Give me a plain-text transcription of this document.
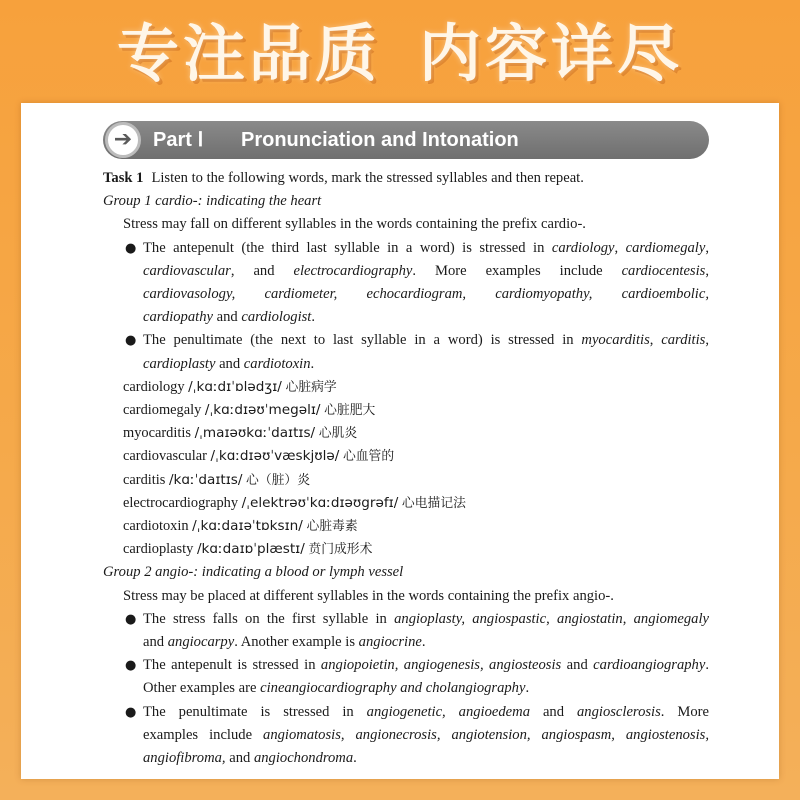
专注品质 内容详尽
➔	Part Ⅰ Pronunciation and Intonation
Task 1 Listen to the following words, mark the stressed syllables and then repeat.
Group 1 cardio-: indicating the heart
Stress may fall on different syllables in the words containing the prefix cardio-.
● The antepenult (the third last syllable in a word) is stressed in cardiology, cardiomegaly,

cardiovascular, and electrocardiography. More examples include cardiocentesis,

cardiovasology, cardiometer, echocardiogram, cardiomyopathy, cardioembolic,

cardiopathy and cardiologist.

● The penultimate (the next to last syllable in a word) is stressed in myocarditis, carditis,

cardioplasty and cardiotoxin.

cardiology /ˌkɑːdɪˈɒlədʒɪ/ 心脏病学
cardiomegaly /ˌkɑːdɪəʊˈmegəlɪ/ 心脏肥大
myocarditis /ˌmaɪəʊkɑːˈdaɪtɪs/ 心肌炎
cardiovascular /ˌkɑːdɪəʊˈvæskjʊlə/ 心血管的
carditis /kɑːˈdaɪtɪs/ 心（脏）炎
electrocardiography /ˌelektrəʊˈkɑːdɪəʊgrəfɪ/ 心电描记法
cardiotoxin /ˌkɑːdaɪəˈtɒksɪn/ 心脏毒素
cardioplasty /kɑːdaɪɒˈplæstɪ/ 贲门成形术
Group 2 angio-: indicating a blood or lymph vessel
Stress may be placed at different syllables in the words containing the prefix angio-.
● The stress falls on the first syllable in angioplasty, angiospastic, angiostatin, angiomegaly

and angiocarpy. Another example is angiocrine.

● The antepenult is stressed in angiopoietin, angiogenesis, angiosteosis and cardioangiography.

Other examples are cineangiocardiography and cholangiography.

● The penultimate is stressed in angiogenetic, angioedema and angiosclerosis. More

examples include angiomatosis, angionecrosis, angiotension, angiospasm, angiostenosis,

angiofibroma, and angiochondroma.
